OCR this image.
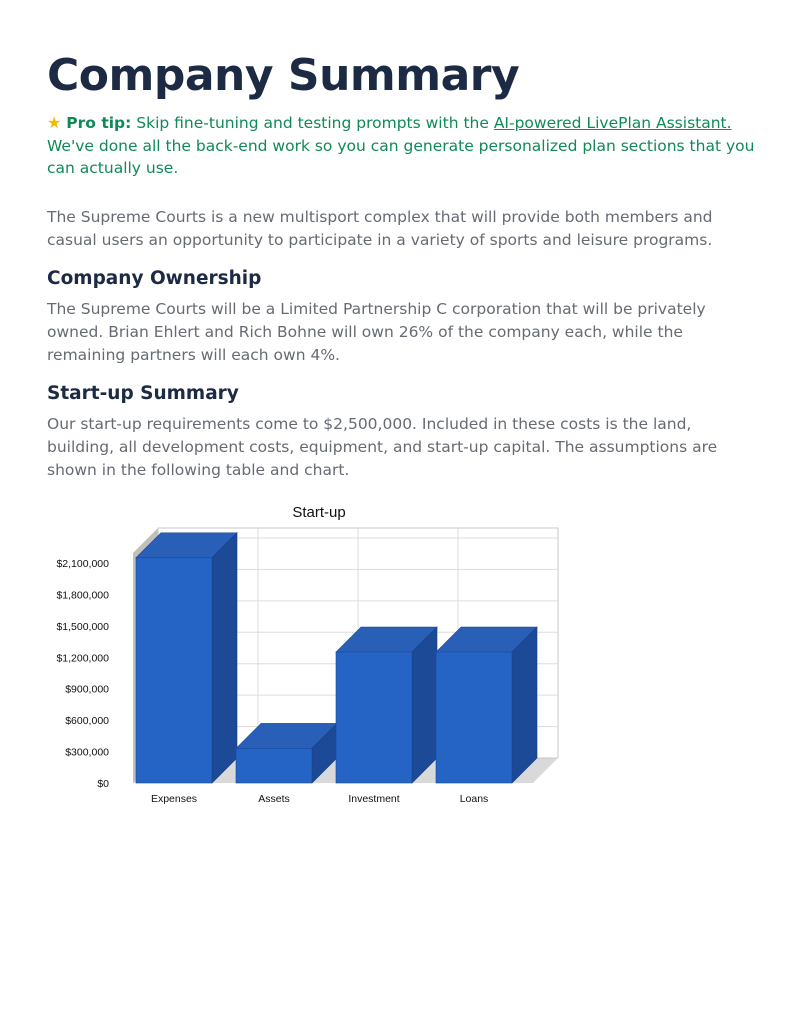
Company Summary
★ Pro tip: Skip fine-tuning and testing prompts with the AI-powered LivePlan Assistant. We've done all the back-end work so you can generate personalized plan sections that you can actually use.

The Supreme Courts is a new multisport complex that will provide both members and casual users an opportunity to participate in a variety of sports and leisure programs.

Company Ownership

The Supreme Courts will be a Limited Partnership C corporation that will be privately owned. Brian Ehlert and Rich Bohne will own 26% of the company each, while the remaining partners will each own 4%.

Start-up Summary

Our start-up requirements come to $2,500,000. Included in these costs is the land, building, all development costs, equipment, and start-up capital. The assumptions are shown in the following table and chart.

Start-up
$0
$300,000
$600,000
$900,000
$1,200,000
$1,500,000
$1,800,000
$2,100,000
Expenses	Assets	Investment	Loans
